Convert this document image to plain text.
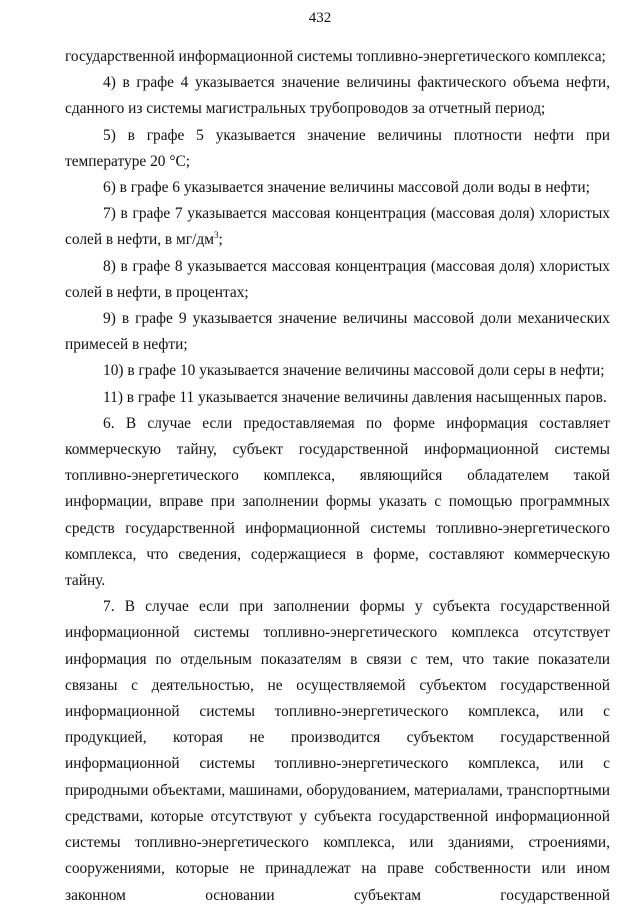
432

государственной информационной системы топливно-энергетического комплекса;

4) в графе 4 указывается значение величины фактического объема нефти, сданного из системы магистральных трубопроводов за отчетный период;

5) в графе 5 указывается значение величины плотности нефти при температуре 20 °С;

6) в графе 6 указывается значение величины массовой доли воды в нефти;

7) в графе 7 указывается массовая концентрация (массовая доля) хлористых солей в нефти, в $мг/дм^3$;

8) в графе 8 указывается массовая концентрация (массовая доля) хлористых солей в нефти, в процентах;

9) в графе 9 указывается значение величины массовой доли механических примесей в нефти;

10) в графе 10 указывается значение величины массовой доли серы в нефти;

11) в графе 11 указывается значение величины давления насыщенных паров.

6. В случае если предоставляемая по форме информация составляет коммерческую тайну, субъект государственной информационной системы топливно-энергетического комплекса, являющийся обладателем такой информации, вправе при заполнении формы указать с помощью программных средств государственной информационной системы топливно-энергетического комплекса, что сведения, содержащиеся в форме, составляют коммерческую тайну.

7. В случае если при заполнении формы у субъекта государственной информационной системы топливно-энергетического комплекса отсутствует информация по отдельным показателям в связи с тем, что такие показатели связаны с деятельностью, не осуществляемой субъектом государственной информационной системы топливно-энергетического комплекса, или с продукцией, которая не производится субъектом государственной информационной системы топливно-энергетического комплекса, или с природными объектами, машинами, оборудованием, материалами, транспортными средствами, которые отсутствуют у субъекта государственной информационной системы топливно-энергетического комплекса, или зданиями, строениями, сооружениями, которые не принадлежат на праве собственности или ином законном основании субъектам государственной
